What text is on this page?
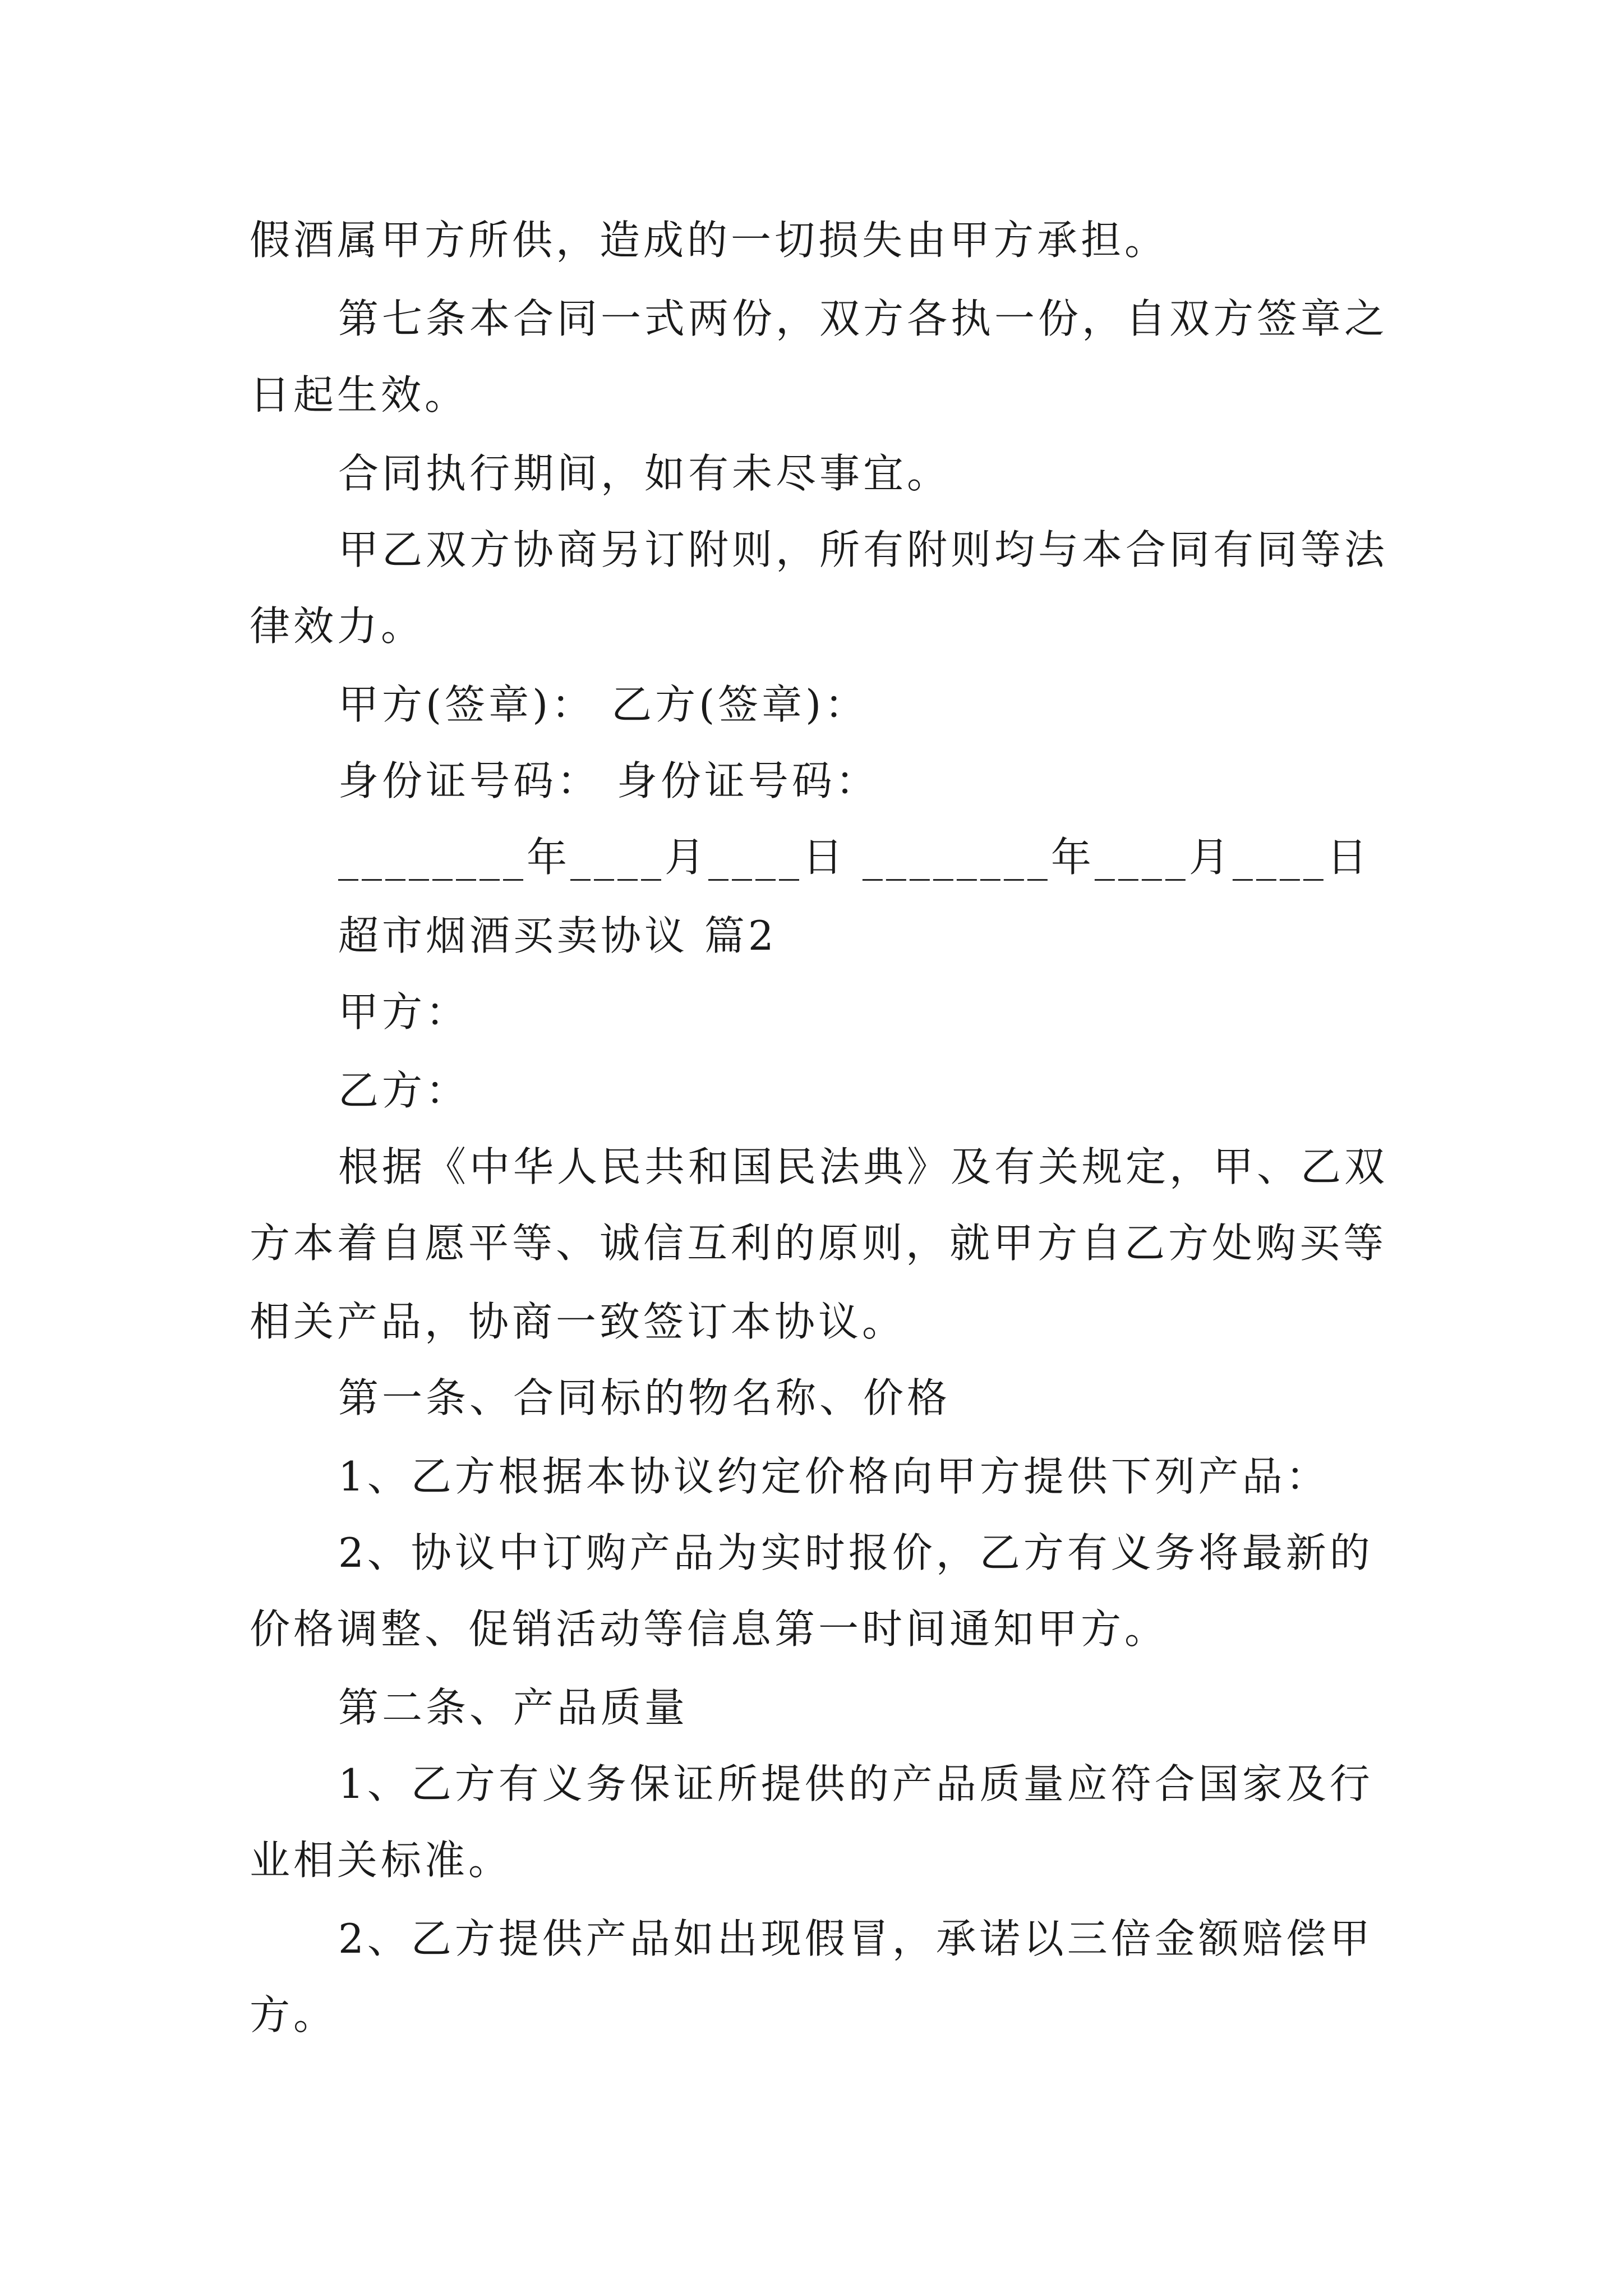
假酒属甲方所供，造成的一切损失由甲方承担。
第七条本合同一式两份，双方各执一份，自双方签章之
日起生效。
合同执行期间，如有未尽事宜。
甲乙双方协商另订附则，所有附则均与本合同有同等法
律效力。
甲方(签章)： 乙方(签章)：
身份证号码： 身份证号码：
________年____月____日 ________年____月____日
超市烟酒买卖协议 篇2
甲方：
乙方：
根据《中华人民共和国民法典》及有关规定，甲、乙双
方本着自愿平等、诚信互利的原则，就甲方自乙方处购买等
相关产品，协商一致签订本协议。
第一条、合同标的物名称、价格
1、乙方根据本协议约定价格向甲方提供下列产品：
2、协议中订购产品为实时报价，乙方有义务将最新的
价格调整、促销活动等信息第一时间通知甲方。
第二条、产品质量
1、乙方有义务保证所提供的产品质量应符合国家及行
业相关标准。
2、乙方提供产品如出现假冒，承诺以三倍金额赔偿甲
方。
